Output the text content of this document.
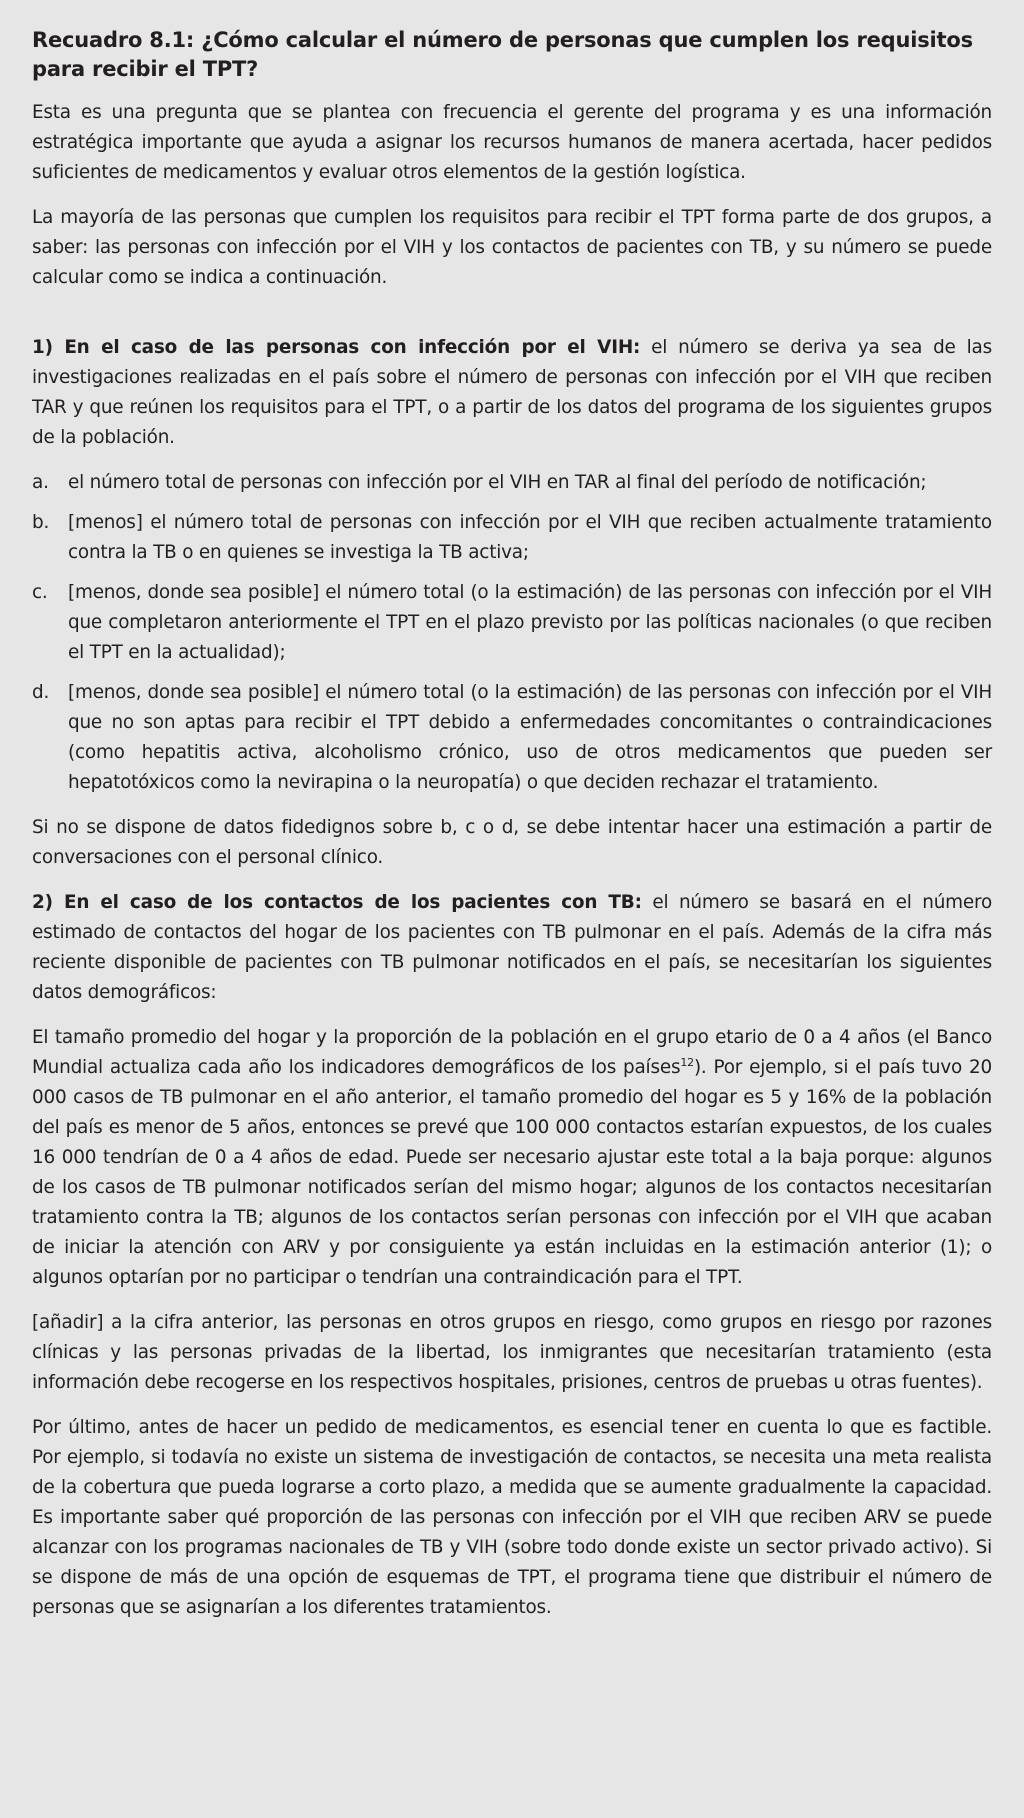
Recuadro 8.1: ¿Cómo calcular el número de personas que cumplen los requisitos para recibir el TPT?

Esta es una pregunta que se plantea con frecuencia el gerente del programa y es una información estratégica importante que ayuda a asignar los recursos humanos de manera acertada, hacer pedidos suficientes de medicamentos y evaluar otros elementos de la gestión logística.

La mayoría de las personas que cumplen los requisitos para recibir el TPT forma parte de dos grupos, a saber: las personas con infección por el VIH y los contactos de pacientes con TB, y su número se puede calcular como se indica a continuación.

1) En el caso de las personas con infección por el VIH: el número se deriva ya sea de las investigaciones realizadas en el país sobre el número de personas con infección por el VIH que reciben TAR y que reúnen los requisitos para el TPT, o a partir de los datos del programa de los siguientes grupos de la población.

a. el número total de personas con infección por el VIH en TAR al final del período de notificación;
b. [menos] el número total de personas con infección por el VIH que reciben actualmente tratamiento contra la TB o en quienes se investiga la TB activa;
c. [menos, donde sea posible] el número total (o la estimación) de las personas con infección por el VIH que completaron anteriormente el TPT en el plazo previsto por las políticas nacionales (o que reciben el TPT en la actualidad);
d. [menos, donde sea posible] el número total (o la estimación) de las personas con infección por el VIH que no son aptas para recibir el TPT debido a enfermedades concomitantes o contraindicaciones (como hepatitis activa, alcoholismo crónico, uso de otros medicamentos que pueden ser hepatotóxicos como la nevirapina o la neuropatía) o que deciden rechazar el tratamiento.

Si no se dispone de datos fidedignos sobre b, c o d, se debe intentar hacer una estimación a partir de conversaciones con el personal clínico.

2) En el caso de los contactos de los pacientes con TB: el número se basará en el número estimado de contactos del hogar de los pacientes con TB pulmonar en el país. Además de la cifra más reciente disponible de pacientes con TB pulmonar notificados en el país, se necesitarían los siguientes datos demográficos:

El tamaño promedio del hogar y la proporción de la población en el grupo etario de 0 a 4 años (el Banco Mundial actualiza cada año los indicadores demográficos de los países$^{12}$). Por ejemplo, si el país tuvo 20 000 casos de TB pulmonar en el año anterior, el tamaño promedio del hogar es 5 y 16% de la población del país es menor de 5 años, entonces se prevé que 100 000 contactos estarían expuestos, de los cuales 16 000 tendrían de 0 a 4 años de edad. Puede ser necesario ajustar este total a la baja porque: algunos de los casos de TB pulmonar notificados serían del mismo hogar; algunos de los contactos necesitarían tratamiento contra la TB; algunos de los contactos serían personas con infección por el VIH que acaban de iniciar la atención con ARV y por consiguiente ya están incluidas en la estimación anterior (1); o algunos optarían por no participar o tendrían una contraindicación para el TPT.

[añadir] a la cifra anterior, las personas en otros grupos en riesgo, como grupos en riesgo por razones clínicas y las personas privadas de la libertad, los inmigrantes que necesitarían tratamiento (esta información debe recogerse en los respectivos hospitales, prisiones, centros de pruebas u otras fuentes).

Por último, antes de hacer un pedido de medicamentos, es esencial tener en cuenta lo que es factible. Por ejemplo, si todavía no existe un sistema de investigación de contactos, se necesita una meta realista de la cobertura que pueda lograrse a corto plazo, a medida que se aumente gradualmente la capacidad. Es importante saber qué proporción de las personas con infección por el VIH que reciben ARV se puede alcanzar con los programas nacionales de TB y VIH (sobre todo donde existe un sector privado activo). Si se dispone de más de una opción de esquemas de TPT, el programa tiene que distribuir el número de personas que se asignarían a los diferentes tratamientos.
